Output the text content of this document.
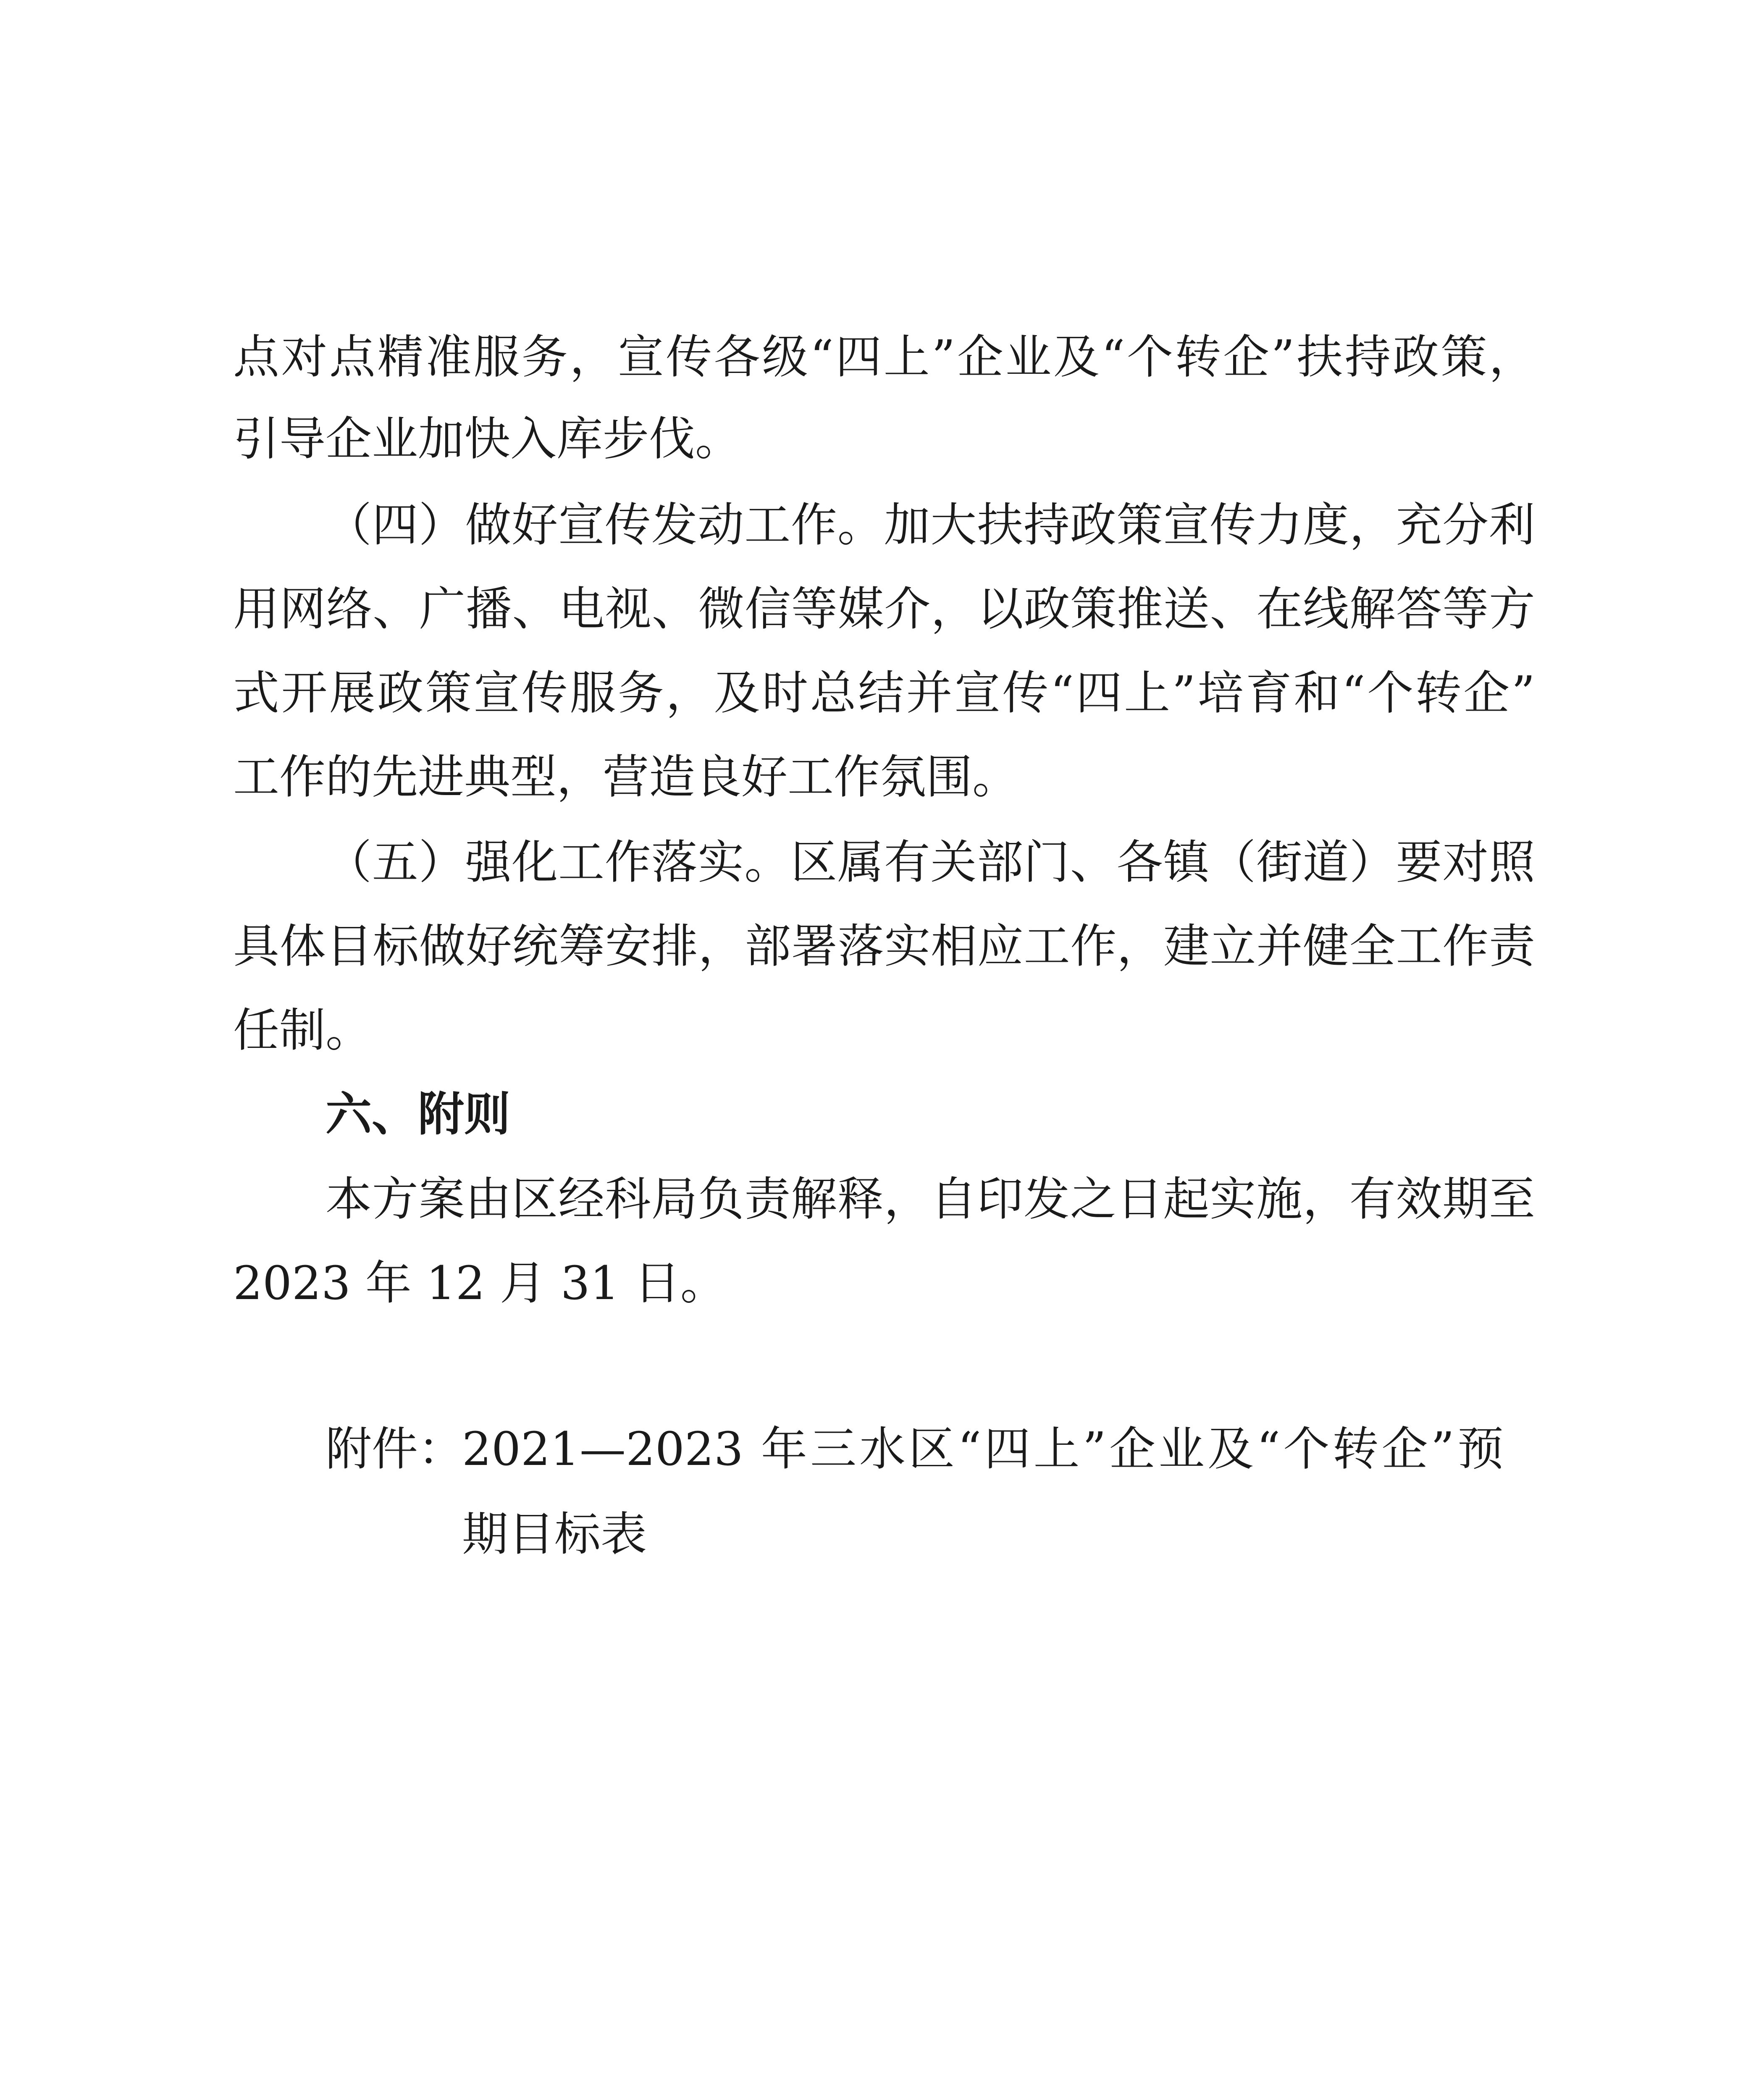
点对点精准服务，宣传各级“四上”企业及“个转企”扶持政策，
引导企业加快入库步伐。
（四）做好宣传发动工作。加大扶持政策宣传力度，充分利
用网络、广播、电视、微信等媒介，以政策推送、在线解答等方
式开展政策宣传服务，及时总结并宣传“四上”培育和“个转企”
工作的先进典型，营造良好工作氛围。
（五）强化工作落实。区属有关部门、各镇（街道）要对照
具体目标做好统筹安排，部署落实相应工作，建立并健全工作责
任制。
六、附则
本方案由区经科局负责解释，自印发之日起实施，有效期至
2023 年 12 月 31 日。
附件：
2021—2023 年三水区“四上”企业及“个转企”预
期目标表
